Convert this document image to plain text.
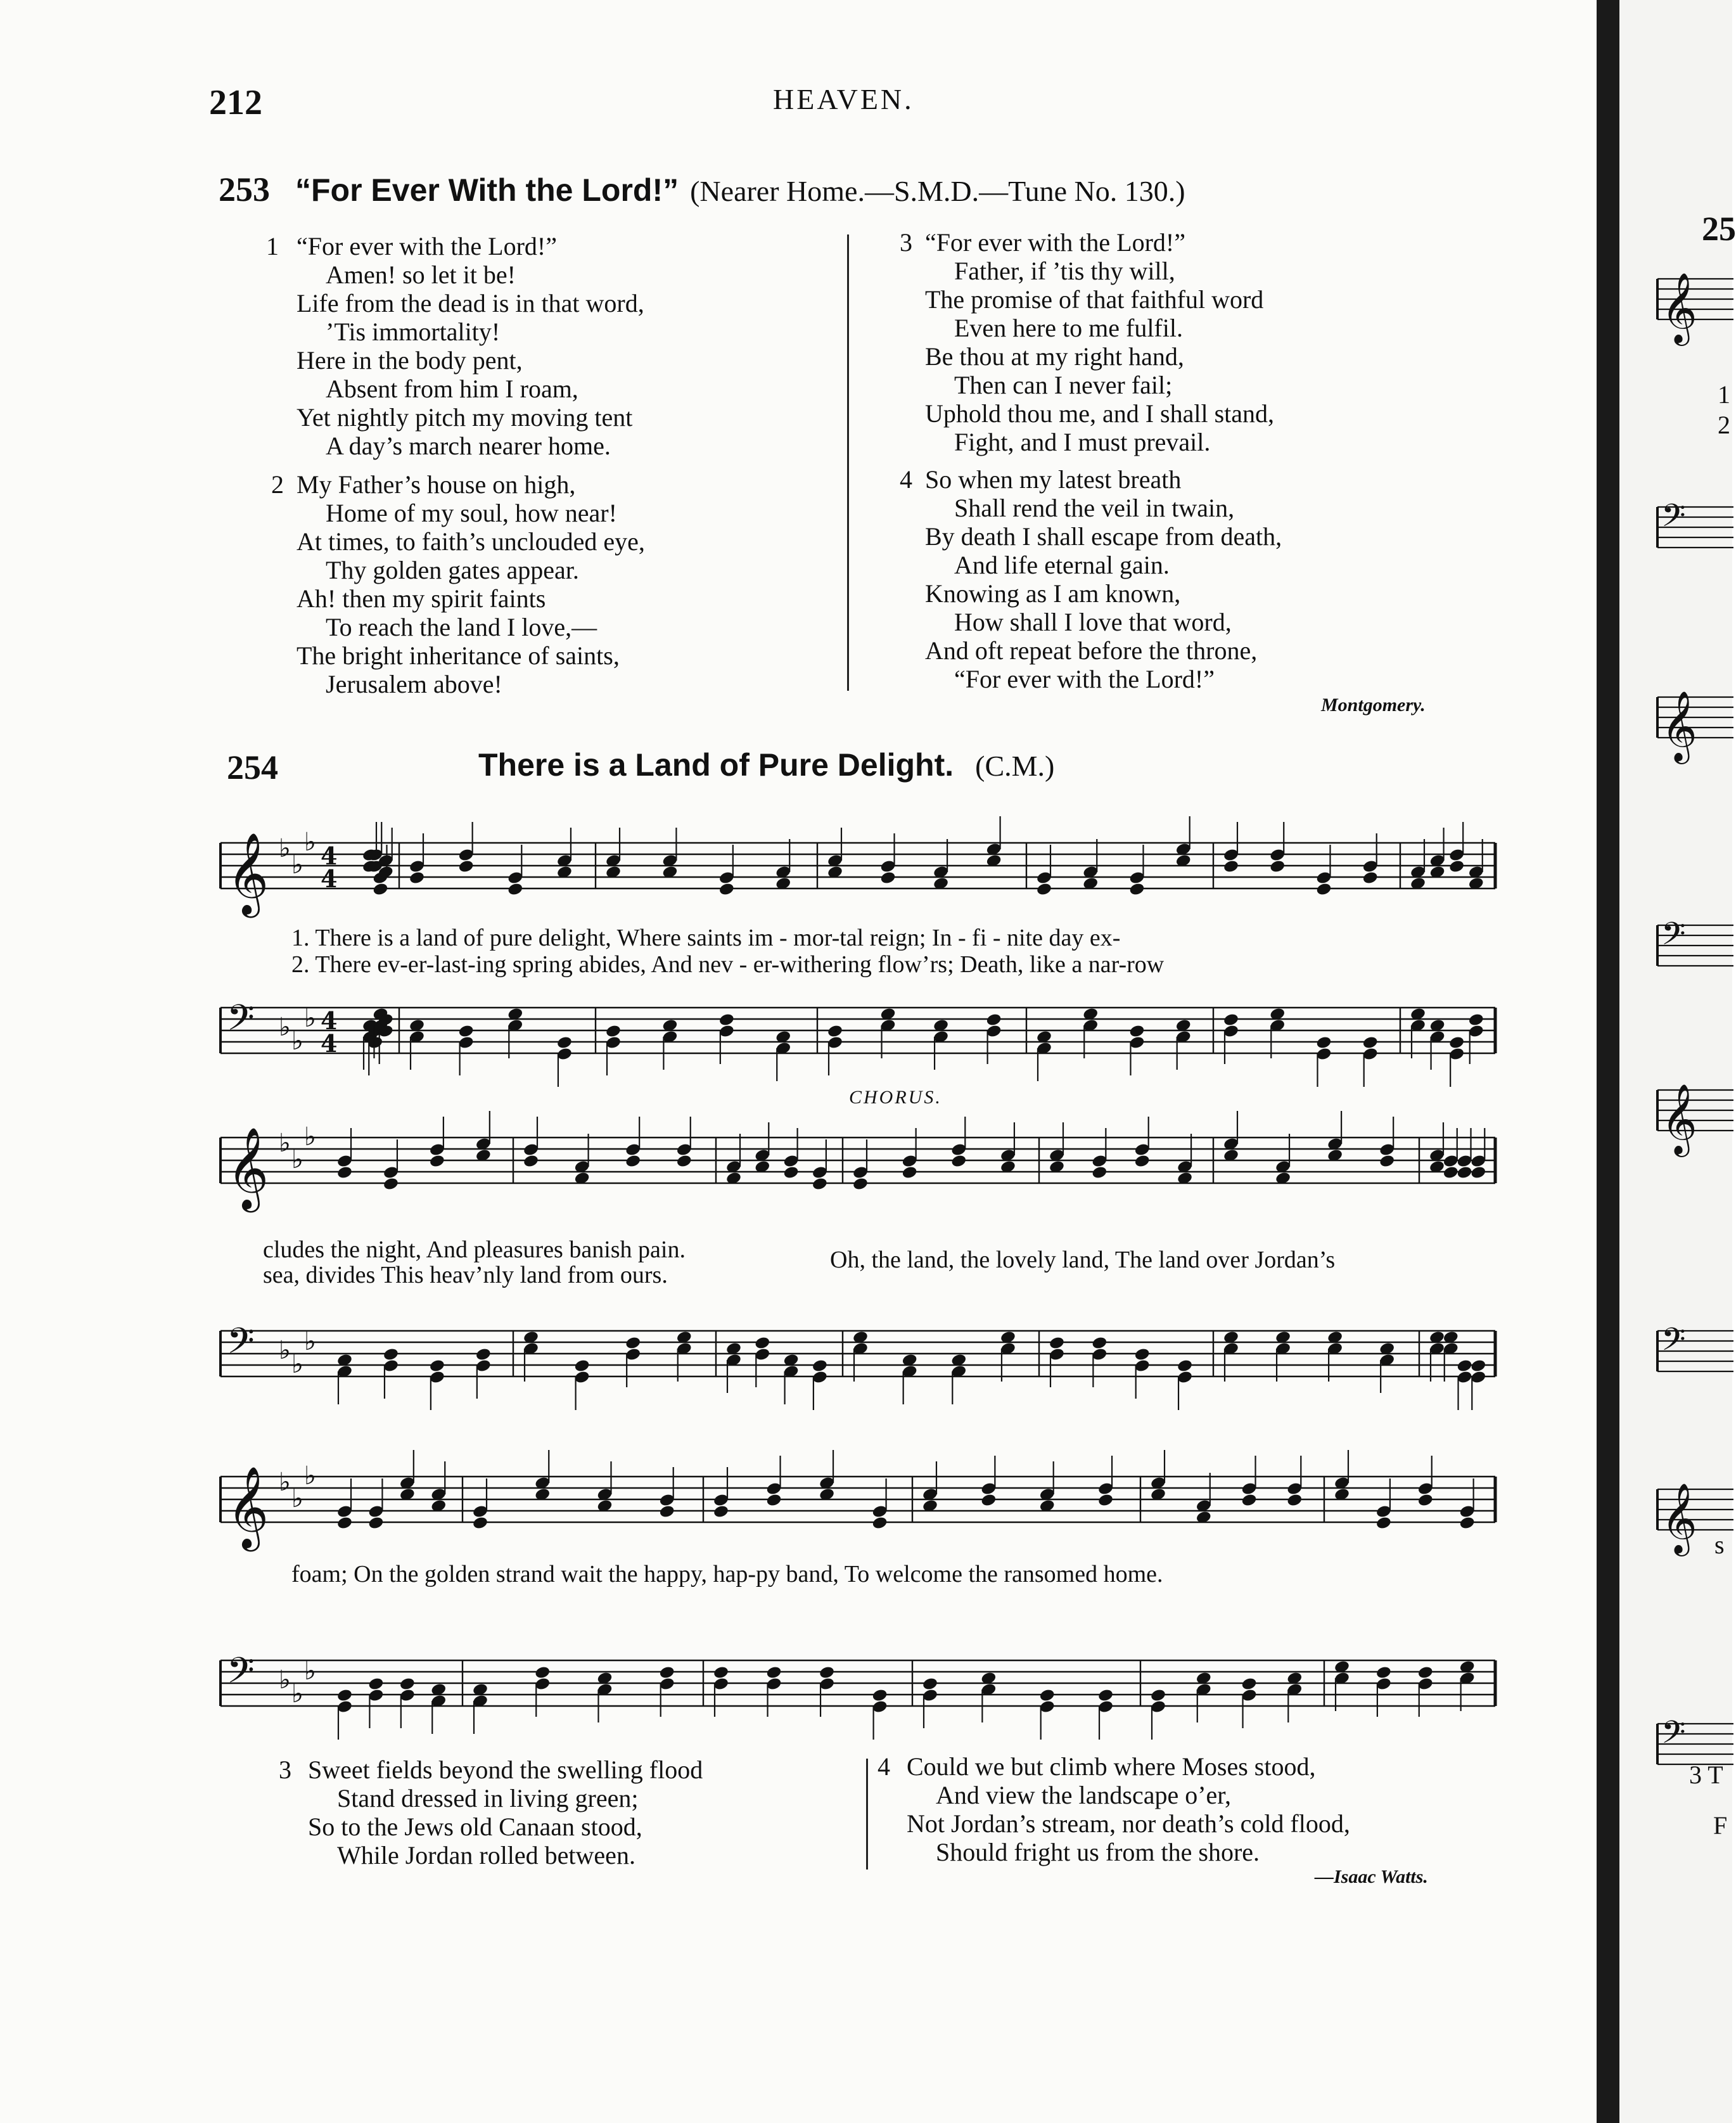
212	HEAVEN.
253 “For Ever With the Lord!” (Nearer Home.—S.M.D.—Tune No. 130.)
1 “For ever with the Lord!”
Amen! so let it be!
Life from the dead is in that word,
’Tis immortality!
Here in the body pent,
Absent from him I roam,
Yet nightly pitch my moving tent
A day’s march nearer home.
2 My Father’s house on high,
Home of my soul, how near!
At times, to faith’s unclouded eye,
Thy golden gates appear.
Ah! then my spirit faints
To reach the land I love,—
The bright inheritance of saints,
Jerusalem above!
3 “For ever with the Lord!”
Father, if ’tis thy will,
The promise of that faithful word
Even here to me fulfil.
Be thou at my right hand,
Then can I never fail;
Uphold thou me, and I shall stand,
Fight, and I must prevail.
4 So when my latest breath
Shall rend the veil in twain,
By death I shall escape from death,
And life eternal gain.
Knowing as I am known,
How shall I love that word,
And oft repeat before the throne,
“For ever with the Lord!”
Montgomery.
254	There is a Land of Pure Delight. (C.M.)
𝄞 ♭
♭
♭ 4
4
1. There is a land of pure delight, Where saints im - mor-tal reign; In - fi - nite day ex-
2. There ev-er-last-ing spring abides, And nev - er-withering flow’rs; Death, like a nar-row
𝄢 ♭ ♭
♭ 4
4
CHORUS.
𝄞 ♭
♭
♭
cludes the night, And pleasures banish pain.
sea, divides This heav’nly land from ours.
Oh, the land, the lovely land, The land over Jordan’s
𝄢 ♭ ♭
♭
𝄞 ♭
♭
♭
foam; On the golden strand wait the happy, hap-py band, To welcome the ransomed home.
𝄢 ♭ ♭
♭
3 Sweet fields beyond the swelling flood
Stand dressed in living green;
So to the Jews old Canaan stood,
While Jordan rolled between.
4 Could we but climb where Moses stood,
And view the landscape o’er,
Not Jordan’s stream, nor death’s cold flood,
Should fright us from the shore.
—Isaac Watts.
25
𝄞
𝄢
𝄞
𝄢
𝄞
𝄢
𝄞
𝄢
1
2
s
3 T
F
